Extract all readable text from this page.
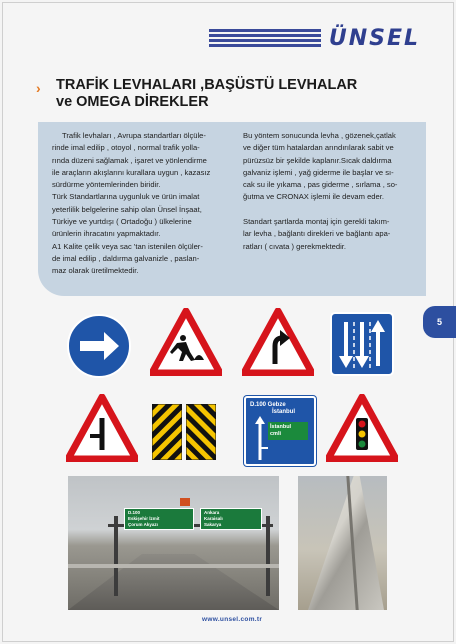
ÜNSEL
› TRAFİK LEVHALARI ,BAŞÜSTÜ LEVHALAR
ve OMEGA DİREKLER

Trafik levhaları , Avrupa standartları ölçüle-

rinde imal edilip , otoyol , normal trafik yolla-

rında düzeni sağlamak , işaret ve yönlendirme

ile araçların akışlarını kurallara uygun , kazasız

sürdürme yöntemlerinden biridir.

Türk Standartlarına uygunluk ve ürün imalat

yeterlilik belgelerine sahip olan Ünsel İnşaat,

Türkiye ve yurtdışı ( Ortadoğu ) ülkelerine

ürünlerin ihracatını yapmaktadır.

A1 Kalite çelik veya sac 'tan istenilen ölçüler-

de imal edilip , daldırma galvanizle , paslan-

maz olarak üretilmektedir.

Bu yöntem sonucunda levha , gözenek,çatlak

ve diğer tüm hatalardan arındırılarak sabit ve

pürüzsüz bir şekilde kaplanır.Sıcak daldırma

galvaniz işlemi , yağ giderme ile başlar ve sı-

cak su ile yıkama , pas giderme , sırlama , so-

ğutma ve CRONAX işlemi ile devam eder.

Standart şartlarda montaj için gerekli takım-

lar levha , bağlantı direkleri ve bağlantı apa-

ratları ( cıvata ) gerekmektedir.

5
D.100 Gebze
İstanbul
İstanbul
cmli
D.100
Eskişehir İzmit
Çorum Akyazı
Ankara
Karaisalı
Sakarya
www.unsel.com.tr
